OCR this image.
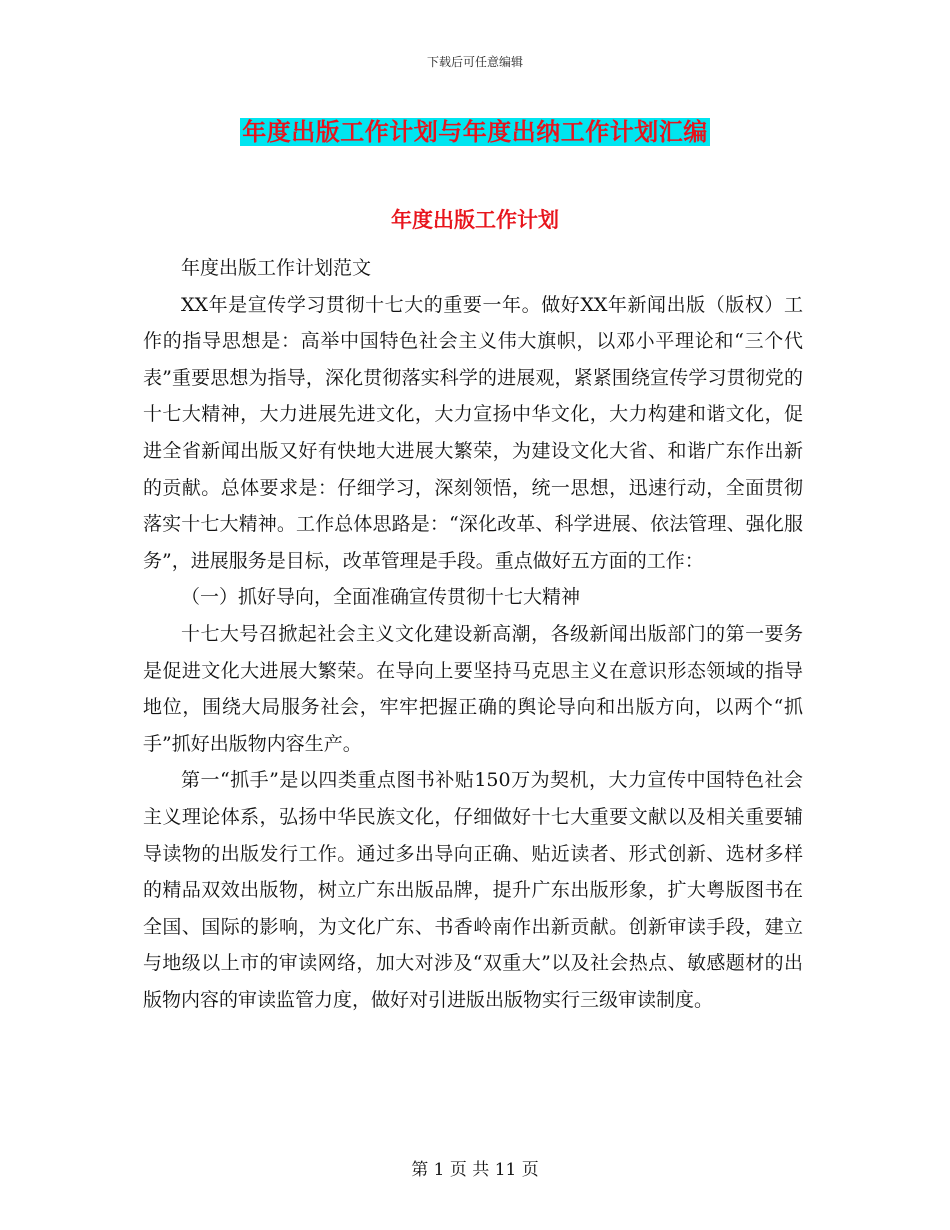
下载后可任意编辑
年度出版工作计划与年度出纳工作计划汇编
年度出版工作计划

年度出版工作计划范文

XX年是宣传学习贯彻十七大的重要一年。做好XX年新闻出版（版权）工作的指导思想是：高举中国特色社会主义伟大旗帜，以邓小平理论和“三个代表”重要思想为指导，深化贯彻落实科学的进展观，紧紧围绕宣传学习贯彻党的十七大精神，大力进展先进文化，大力宣扬中华文化，大力构建和谐文化，促进全省新闻出版又好有快地大进展大繁荣，为建设文化大省、和谐广东作出新的贡献。总体要求是：仔细学习，深刻领悟，统一思想，迅速行动，全面贯彻落实十七大精神。工作总体思路是：“深化改革、科学进展、依法管理、强化服务”，进展服务是目标，改革管理是手段。重点做好五方面的工作：

（一）抓好导向，全面准确宣传贯彻十七大精神

十七大号召掀起社会主义文化建设新高潮，各级新闻出版部门的第一要务是促进文化大进展大繁荣。在导向上要坚持马克思主义在意识形态领域的指导地位，围绕大局服务社会，牢牢把握正确的舆论导向和出版方向，以两个“抓手”抓好出版物内容生产。

第一“抓手”是以四类重点图书补贴150万为契机，大力宣传中国特色社会主义理论体系，弘扬中华民族文化，仔细做好十七大重要文献以及相关重要辅导读物的出版发行工作。通过多出导向正确、贴近读者、形式创新、选材多样的精品双效出版物，树立广东出版品牌，提升广东出版形象，扩大粤版图书在全国、国际的影响，为文化广东、书香岭南作出新贡献。创新审读手段，建立与地级以上市的审读网络，加大对涉及“双重大”以及社会热点、敏感题材的出版物内容的审读监管力度，做好对引进版出版物实行三级审读制度。

第 1 页 共 11 页
